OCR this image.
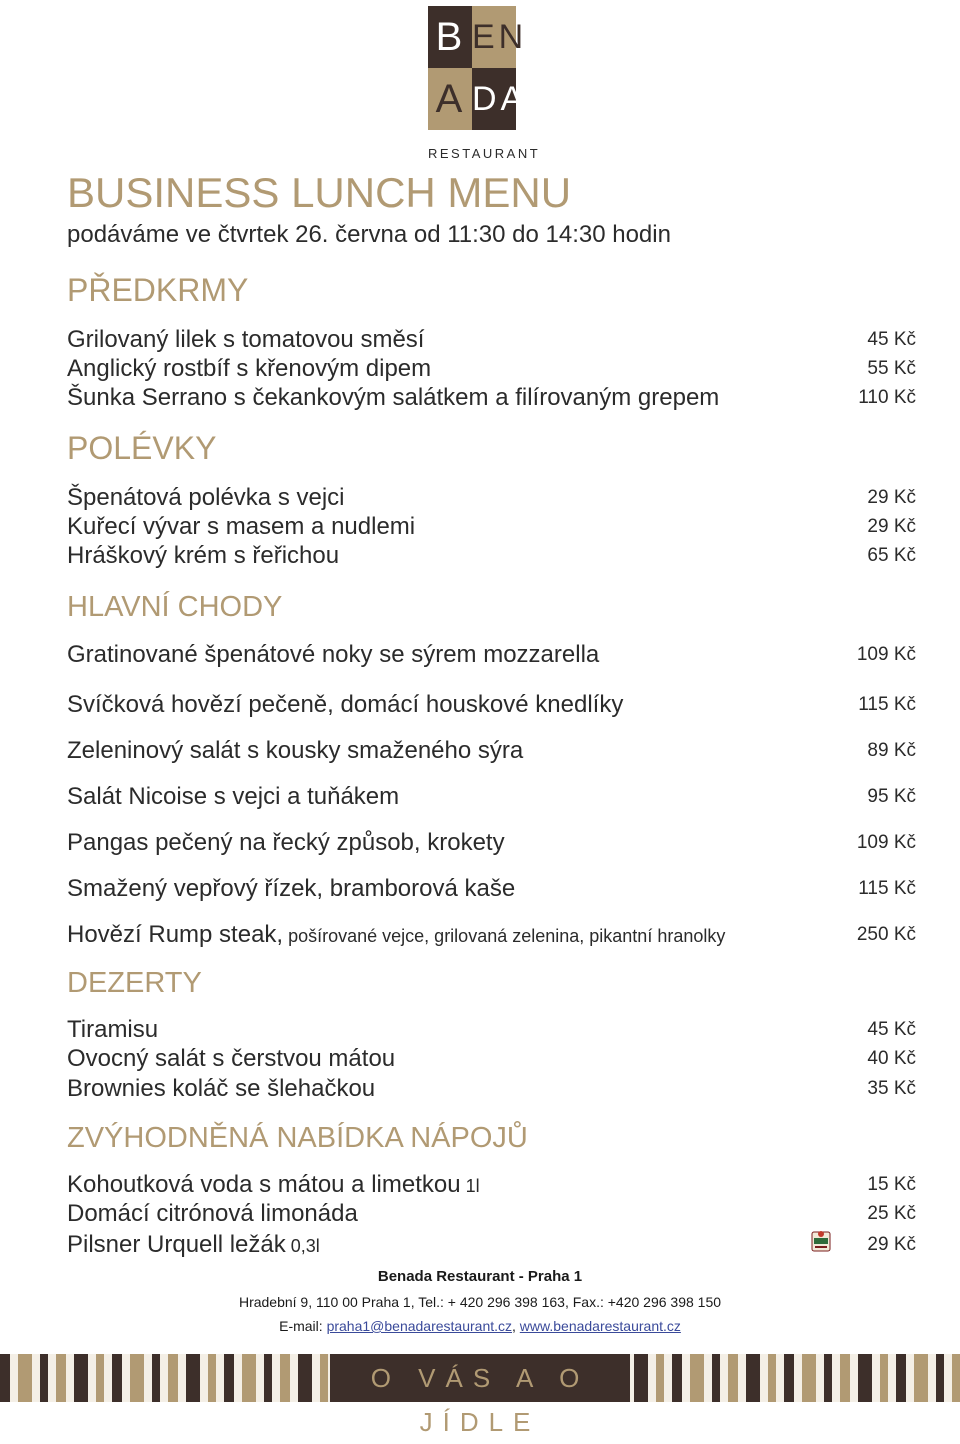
B EN
A DA
RESTAURANT
BUSINESS LUNCH MENU
podáváme ve čtvrtek 26. června od 11:30 do 14:30 hodin
PŘEDKRMY
Grilovaný lilek s tomatovou směsí	45 Kč
Anglický rostbíf s křenovým dipem	55 Kč
Šunka Serrano s čekankovým salátkem a filírovaným grepem	110 Kč
POLÉVKY
Špenátová polévka s vejci	29 Kč
Kuřecí vývar s masem a nudlemi	29 Kč
Hráškový krém s řeřichou	65 Kč
HLAVNÍ CHODY
Gratinované špenátové noky se sýrem mozzarella	109 Kč
Svíčková hovězí pečeně, domácí houskové knedlíky	115 Kč
Zeleninový salát s kousky smaženého sýra	89 Kč
Salát Nicoise s vejci a tuňákem	95 Kč
Pangas pečený na řecký způsob, krokety	109 Kč
Smažený vepřový řízek, bramborová kaše	115 Kč
Hovězí Rump steak, pošírované vejce, grilovaná zelenina, pikantní hranolky	250 Kč
DEZERTY
Tiramisu	45 Kč
Ovocný salát s čerstvou mátou	40 Kč
Brownies koláč se šlehačkou	35 Kč
ZVÝHODNĚNÁ NABÍDKA NÁPOJŮ
Kohoutková voda s mátou a limetkou 1l	15 Kč
Domácí citrónová limonáda	25 Kč
Pilsner Urquell ležák 0,3l	29 Kč
Benada Restaurant - Praha 1
Hradební 9, 110 00 Praha 1, Tel.: + 420 296 398 163, Fax.: +420 296 398 150
E-mail: praha1@benadarestaurant.cz, www.benadarestaurant.cz
O VÁS A O JÍDLE
